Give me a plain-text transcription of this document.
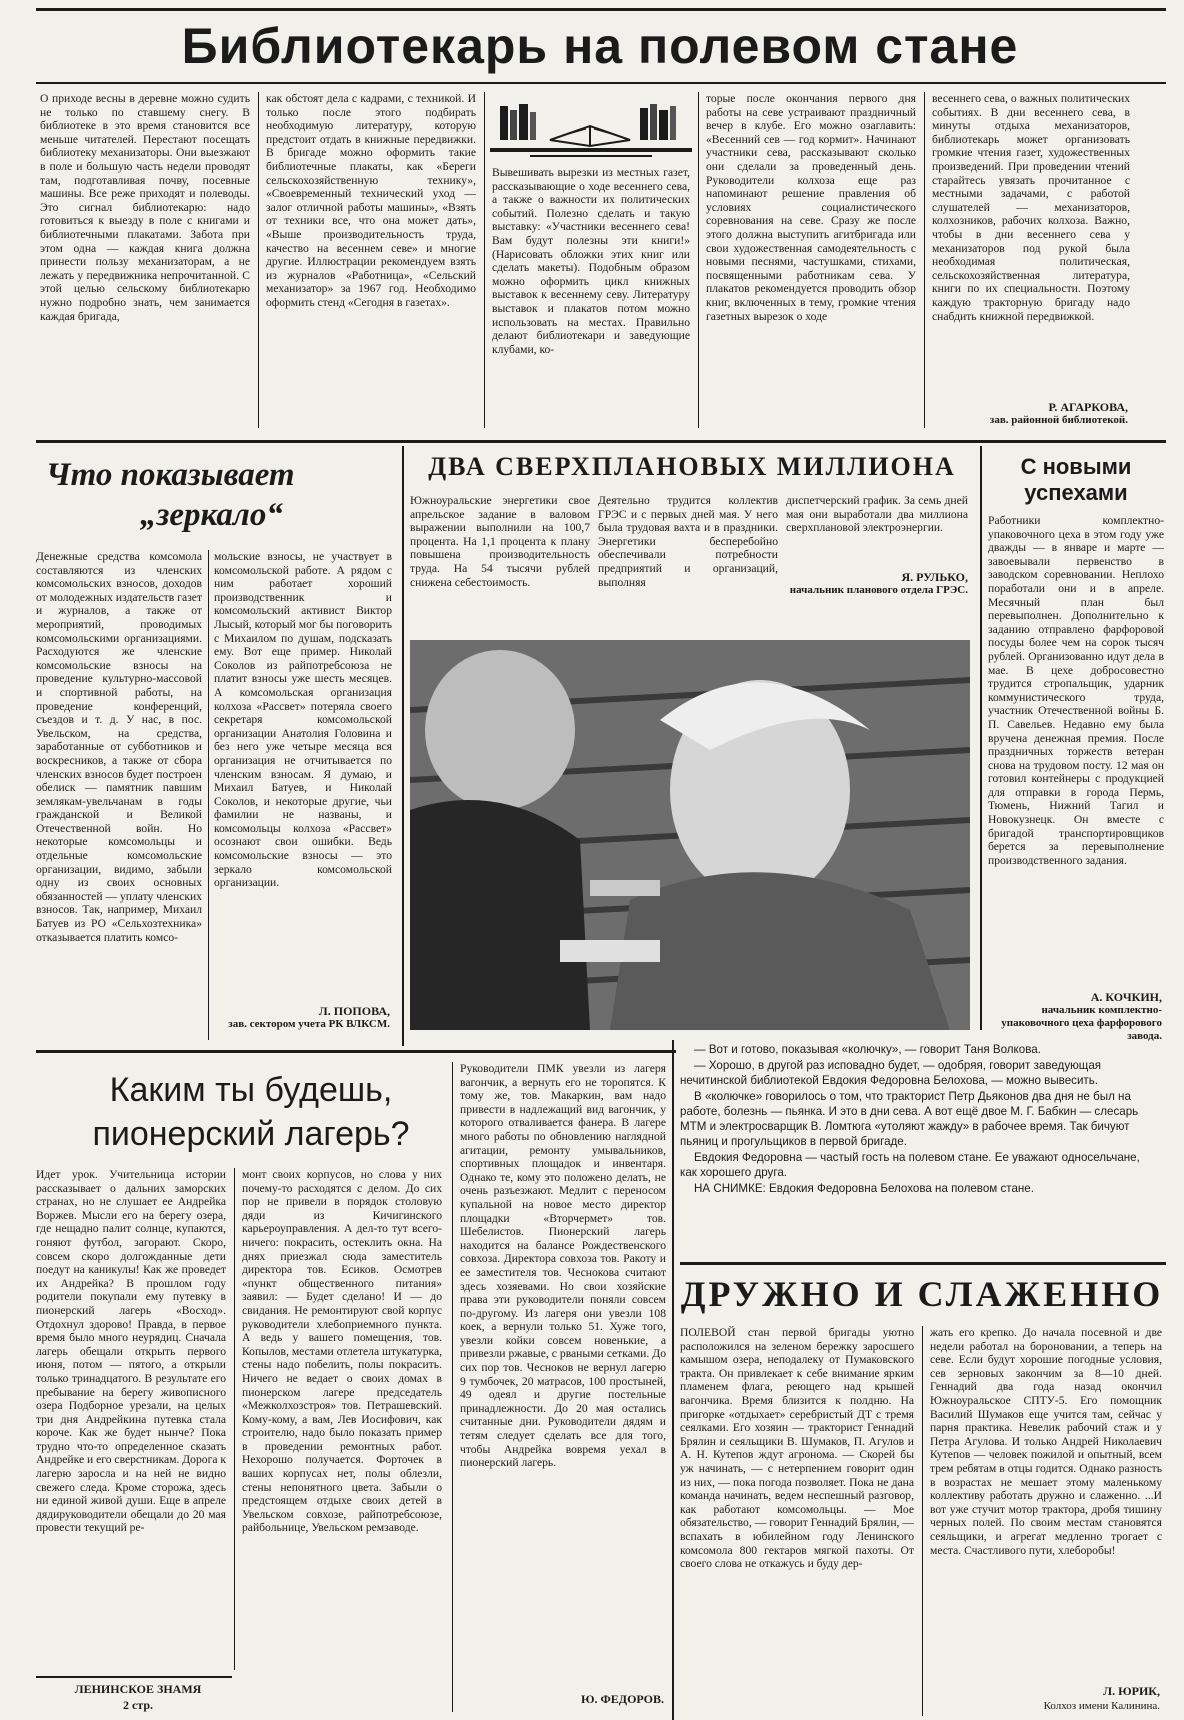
Библиотекарь на полевом стане
О приходе весны в деревне можно судить не только по ставшему снегу. В библиотеке в это время становится все меньше читателей. Перестают посещать библиотеку механизаторы. Они выезжают в поле и большую часть недели проводят там, подготавливая почву, посевные машины. Все реже приходят и полеводы. Это сигнал библиотекарю: надо готовиться к выезду в поле с книгами и библиотечными плакатами. Забота при этом одна — каждая книга должна принести пользу механизаторам, а не лежать у передвижника непрочитанной. С этой целью сельскому библиотекарю нужно подробно знать, чем занимается каждая бригада,
как обстоят дела с кадрами, с техникой. И только после этого подбирать необходимую литературу, которую предстоит отдать в книжные передвижки. В бригаде можно оформить такие библиотечные плакаты, как «Береги сельскохозяйственную технику», «Своевременный технический уход — залог отличной работы машины», «Взять от техники все, что она может дать», «Выше производительность труда, качество на весеннем севе» и многие другие. Иллюстрации рекомендуем взять из журналов «Работница», «Сельский механизатор» за 1967 год. Необходимо оформить стенд «Сегодня в газетах».
Вывешивать вырезки из местных газет, рассказывающие о ходе весеннего сева, а также о важности их политических событий. Полезно сделать и такую выставку: «Участники весеннего сева! Вам будут полезны эти книги!» (Нарисовать обложки этих книг или сделать макеты). Подобным образом можно оформить цикл книжных выставок к весеннему севу. Литературу выставок и плакатов потом можно использовать на местах. Правильно делают библиотекари и заведующие клубами, ко-
торые после окончания первого дня работы на севе устраивают праздничный вечер в клубе. Его можно озаглавить: «Весенний сев — год кормит». Начинают участники сева, рассказывают сколько они сделали за проведенный день. Руководители колхоза еще раз напоминают решение правления об условиях социалистического соревнования на севе. Сразу же после этого должна выступить агитбригада или свои художественная самодеятельность с новыми песнями, частушками, стихами, посвященными работникам сева. У плакатов рекомендуется проводить обзор книг, включенных в тему, громкие чтения газетных вырезок о ходе
весеннего сева, о важных политических событиях. В дни весеннего сева, в минуты отдыха механизаторов, библиотекарь может организовать громкие чтения газет, художественных произведений. При проведении чтений старайтесь увязать прочитанное с местными задачами, с работой слушателей — механизаторов, колхозников, рабочих колхоза. Важно, чтобы в дни весеннего сева у механизаторов под рукой была необходимая политическая, сельскохозяйственная литература, книги по их специальности. Поэтому каждую тракторную бригаду надо снабдить книжной передвижкой.
Р. АГАРКОВА,
зав. районной библиотекой.
Что показывает
„зеркало“
Денежные средства комсомола составляются из членских комсомольских взносов, доходов от молодежных издательств газет и журналов, а также от мероприятий, проводимых комсомольскими организациями. Расходуются же членские комсомольские взносы на проведение культурно-массовой и спортивной работы, на проведение конференций, съездов и т. д. У нас, в пос. Увельском, на средства, заработанные от субботников и воскресников, а также от сбора членских взносов будет построен обелиск — памятник павшим землякам-увельчанам в годы гражданской и Великой Отечественной войн. Но некоторые комсомольцы и отдельные комсомольские организации, видимо, забыли одну из своих основных обязанностей — уплату членских взносов. Так, например, Михаил Батуев из РО «Сельхозтехника» отказывается платить комсо-
мольские взносы, не участвует в комсомольской работе. А рядом с ним работает хороший производственник и комсомольский активист Виктор Лысый, который мог бы поговорить с Михаилом по душам, подсказать ему. Вот еще пример. Николай Соколов из райпотребсоюза не платит взносы уже шесть месяцев. А комсомольская организация колхоза «Рассвет» потеряла своего секретаря комсомольской организации Анатолия Головина и без него уже четыре месяца вся организация не отчитывается по членским взносам. Я думаю, и Михаил Батуев, и Николай Соколов, и некоторые другие, чьи фамилии не названы, и комсомольцы колхоза «Рассвет» осознают свои ошибки. Ведь комсомольские взносы — это зеркало комсомольской организации.
Л. ПОПОВА,
зав. сектором учета РК ВЛКСМ.
ДВА СВЕРХПЛАНОВЫХ МИЛЛИОНА
Южноуральские энергетики свое апрельское задание в валовом выражении выполнили на 100,7 процента. На 1,1 процента к плану повышена производительность труда. На 54 тысячи рублей снижена себестоимость.
Деятельно трудится коллектив ГРЭС и с первых дней мая. У него была трудовая вахта и в праздники. Энергетики бесперебойно обеспечивали потребности предприятий и организаций, выполняя
диспетчерский график. За семь дней мая они выработали два миллиона сверхплановой электроэнергии.
Я. РУЛЬКО,
начальник планового отдела ГРЭС.
С новыми успехами
Работники комплектно-упаковочного цеха в этом году уже дважды — в январе и марте — завоевывали первенство в заводском соревновании. Неплохо поработали они и в апреле. Месячный план был перевыполнен. Дополнительно к заданию отправлено фарфоровой посуды более чем на сорок тысяч рублей. Организованно идут дела в мае. В цехе добросовестно трудится стропальщик, ударник коммунистического труда, участник Отечественной войны Б. П. Савельев. Недавно ему была вручена денежная премия. После праздничных торжеств ветеран снова на трудовом посту. 12 мая он готовил контейнеры с продукцией для отправки в города Пермь, Тюмень, Нижний Тагил и Новокузнецк. Он вместе с бригадой транспортировщиков берется за перевыполнение производственного задания.
А. КОЧКИН,
начальник комплектно-упаковочного цеха фарфорового завода.
Каким ты будешь,
пионерский лагерь?
Идет урок. Учительница истории рассказывает о дальних заморских странах, но не слушает ее Андрейка Воржев. Мысли его на берегу озера, где нещадно палит солнце, купаются, гоняют футбол, загорают. Скоро, совсем скоро долгожданные дети поедут на каникулы! Как же проведет их Андрейка? В прошлом году родители покупали ему путевку в пионерский лагерь «Восход». Отдохнул здорово! Правда, в первое время было много неурядиц. Сначала лагерь обещали открыть первого июня, потом — пятого, а открыли только тринадцатого. В результате его пребывание на берегу живописного озера Подборное урезали, на целых три дня Андрейкина путевка стала короче. Как же будет нынче? Пока трудно что-то определенное сказать Андрейке и его сверстникам. Дорога к лагерю заросла и на ней не видно свежего следа. Кроме сторожа, здесь ни единой живой души. Еще в апреле дядируководители обещали до 20 мая провести текущий ре-
монт своих корпусов, но слова у них почему-то расходятся с делом. До сих пор не привели в порядок столовую дяди из Кичигинского карьероуправления. А дел-то тут всего-ничего: покрасить, остеклить окна. На днях приезжал сюда заместитель директора тов. Есиков. Осмотрев «пункт общественного питания» заявил: — Будет сделано! И — до свидания. Не ремонтируют свой корпус руководители хлебоприемного пункта. А ведь у вашего помещения, тов. Копылов, местами отлетела штукатурка, стены надо побелить, полы покрасить. Ничего не ведает о своих домах в пионерском лагере председатель «Межколхозстроя» тов. Петрашевский. Кому-кому, а вам, Лев Иосифович, как строителю, надо было показать пример в проведении ремонтных работ. Нехорошо получается. Форточек в ваших корпусах нет, полы облезли, стены непонятного цвета. Забыли о предстоящем отдыхе своих детей в Увельском совхозе, райпотребсоюзе, райбольнице, Увельском ремзаводе.
Руководители ПМК увезли из лагеря вагончик, а вернуть его не торопятся. К тому же, тов. Макаркин, вам надо привести в надлежащий вид вагончик, у которого отваливается фанера. В лагере много работы по обновлению наглядной агитации, ремонту умывальников, спортивных площадок и инвентаря. Однако те, кому это положено делать, не очень разъезжают. Медлит с переносом купальной на новое место директор площадки «Вторчермет» тов. Шебелистов. Пионерский лагерь находится на балансе Рождественского совхоза. Директора совхоза тов. Ракоту и ее заместителя тов. Чеснокова считают здесь хозяевами. Но свои хозяйские права эти руководители поняли совсем по-другому. Из лагеря они увезли 108 коек, а вернули только 51. Хуже того, увезли койки совсем новенькие, а привезли ржавые, с рваными сетками. До сих пор тов. Чесноков не вернул лагерю 9 тумбочек, 20 матрасов, 100 простыней, 49 одеял и другие постельные принадлежности. До 20 мая остались считанные дни. Руководители дядям и тетям следует сделать все для того, чтобы Андрейка вовремя уехал в пионерский лагерь.
Ю. ФЕДОРОВ.
ЛЕНИНСКОЕ ЗНАМЯ
2 стр.

— Вот и готово, показывая «колючку», — говорит Таня Волкова.

— Хорошо, в другой раз исповадно будет, — одобряя, говорит заведующая нечитинской библиотекой Евдокия Федоровна Белохова, — можно вывесить.

В «колючке» говорилось о том, что тракторист Петр Дьяконов два дня не был на работе, болезнь — пьянка. И это в дни сева. А вот ещё двое М. Г. Бабкин — слесарь МТМ и электросварщик В. Ломтюга «утоляют жажду» в рабочее время. Так бичуют пьяниц и прогульщиков в первой бригаде.

Евдокия Федоровна — частый гость на полевом стане. Ее уважают односельчане, как хорошего друга.

НА СНИМКЕ: Евдокия Федоровна Белохова на полевом стане.

ДРУЖНО И СЛАЖЕННО
ПОЛЕВОЙ стан первой бригады уютно расположился на зеленом бережку заросшего камышом озера, неподалеку от Пумаковского тракта. Он привлекает к себе внимание ярким пламенем флага, реющего над крышей вагончика. Время близится к полдню. На пригорке «отдыхает» серебристый ДТ с тремя сеялками. Его хозяин — тракторист Геннадий Брялин и сеяльщики В. Шумаков, П. Агулов и А. Н. Кутепов ждут агронома. — Скорей бы уж начинать, — с нетерпением говорит один из них, — пока погода позволяет. Пока не дана команда начинать, ведем неспешный разговор, как работают комсомольцы. — Мое обязательство, — говорит Геннадий Брялин, — вспахать в юбилейном году Ленинского комсомола 800 гектаров мягкой пахоты. От своего слова не откажусь и буду дер-
жать его крепко. До начала посевной и две недели работал на бороновании, а теперь на севе. Если будут хорошие погодные условия, сев зерновых закончим за 8—10 дней. Геннадий два года назад окончил Южноуральское СПТУ-5. Его помощник Василий Шумаков еще учится там, сейчас у парня практика. Невелик рабочий стаж и у Петра Агулова. И только Андрей Николаевич Кутепов — человек пожилой и опытный, всем трем ребятам в отцы годится. Однако разность в возрастах не мешает этому маленькому коллективу работать дружно и слаженно. ...И вот уже стучит мотор трактора, дробя тишину черных полей. По своим местам становятся сеяльщики, и агрегат медленно трогает с места. Счастливого пути, хлеборобы!
Л. ЮРИК,
Колхоз имени Калинина.
